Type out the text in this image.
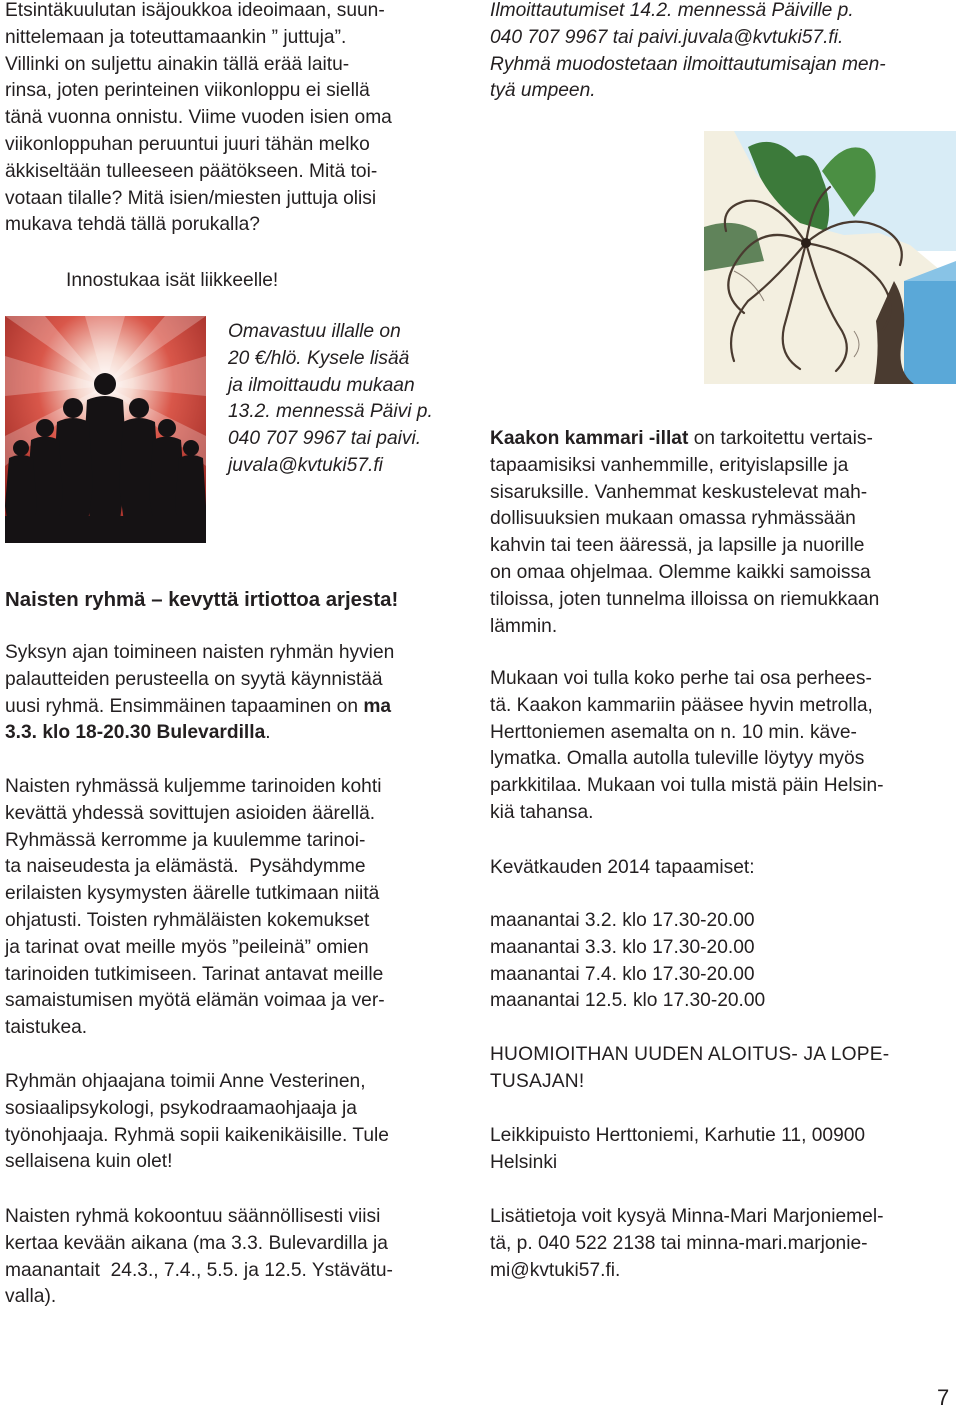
Etsintäkuulutan isäjoukkoa ideoimaan, suun-

nittelemaan ja toteuttamaankin ” juttuja”.

Villinki on suljettu ainakin tällä erää laitu-

rinsa, joten perinteinen viikonloppu ei siellä

tänä vuonna onnistu. Viime vuoden isien oma

viikonloppuhan peruuntui juuri tähän melko

äkkiseltään tulleeseen päätökseen. Mitä toi-

votaan tilalle? Mitä isien/miesten juttuja olisi

mukava tehdä tällä porukalla?

Innostukaa isät liikkeelle!

Omavastuu illalle on

20 €/hlö. Kysele lisää

ja ilmoittaudu mukaan

13.2. mennessä Päivi p.

040 707 9967 tai paivi.

juvala@kvtuki57.fi

Naisten ryhmä – kevyttä irtiottoa arjesta!

Syksyn ajan toimineen naisten ryhmän hyvien

palautteiden perusteella on syytä käynnistää

uusi ryhmä. Ensimmäinen tapaaminen on ma

3.3. klo 18-20.30 Bulevardilla.

Naisten ryhmässä kuljemme tarinoiden kohti

kevättä yhdessä sovittujen asioiden äärellä.

Ryhmässä kerromme ja kuulemme tarinoi-

ta naiseudesta ja elämästä.  Pysähdymme

erilaisten kysymysten äärelle tutkimaan niitä

ohjatusti. Toisten ryhmäläisten kokemukset

ja tarinat ovat meille myös ”peileinä” omien

tarinoiden tutkimiseen. Tarinat antavat meille

samaistumisen myötä elämän voimaa ja ver-

taistukea.

Ryhmän ohjaajana toimii Anne Vesterinen,

sosiaalipsykologi, psykodraamaohjaaja ja

työnohjaaja. Ryhmä sopii kaikenikäisille. Tule

sellaisena kuin olet!

Naisten ryhmä kokoontuu säännöllisesti viisi

kertaa kevään aikana (ma 3.3. Bulevardilla ja

maanantait  24.3., 7.4., 5.5. ja 12.5. Ystävätu-

valla).

Ilmoittautumiset 14.2. mennessä Päiville p.

040 707 9967 tai paivi.juvala@kvtuki57.fi.

Ryhmä muodostetaan ilmoittautumisajan men-

tyä umpeen.

Kaakon kammari -illat on tarkoitettu vertais-

tapaamisiksi vanhemmille, erityislapsille ja

sisaruksille. Vanhemmat keskustelevat mah-

dollisuuksien mukaan omassa ryhmässään

kahvin tai teen ääressä, ja lapsille ja nuorille

on omaa ohjelmaa. Olemme kaikki samoissa

tiloissa, joten tunnelma illoissa on riemukkaan

lämmin.

Mukaan voi tulla koko perhe tai osa perhees-

tä. Kaakon kammariin pääsee hyvin metrolla,

Herttoniemen asemalta on n. 10 min. käve-

lymatka. Omalla autolla tuleville löytyy myös

parkkitilaa. Mukaan voi tulla mistä päin Helsin-

kiä tahansa.

Kevätkauden 2014 tapaamiset:

maanantai 3.2. klo 17.30-20.00

maanantai 3.3. klo 17.30-20.00

maanantai 7.4. klo 17.30-20.00

maanantai 12.5. klo 17.30-20.00

HUOMIOITHAN UUDEN ALOITUS- JA LOPE-

TUSAJAN!

Leikkipuisto Herttoniemi, Karhutie 11, 00900

Helsinki

Lisätietoja voit kysyä Minna-Mari Marjoniemel-

tä, p. 040 522 2138 tai minna-mari.marjonie-

mi@kvtuki57.fi.

7
